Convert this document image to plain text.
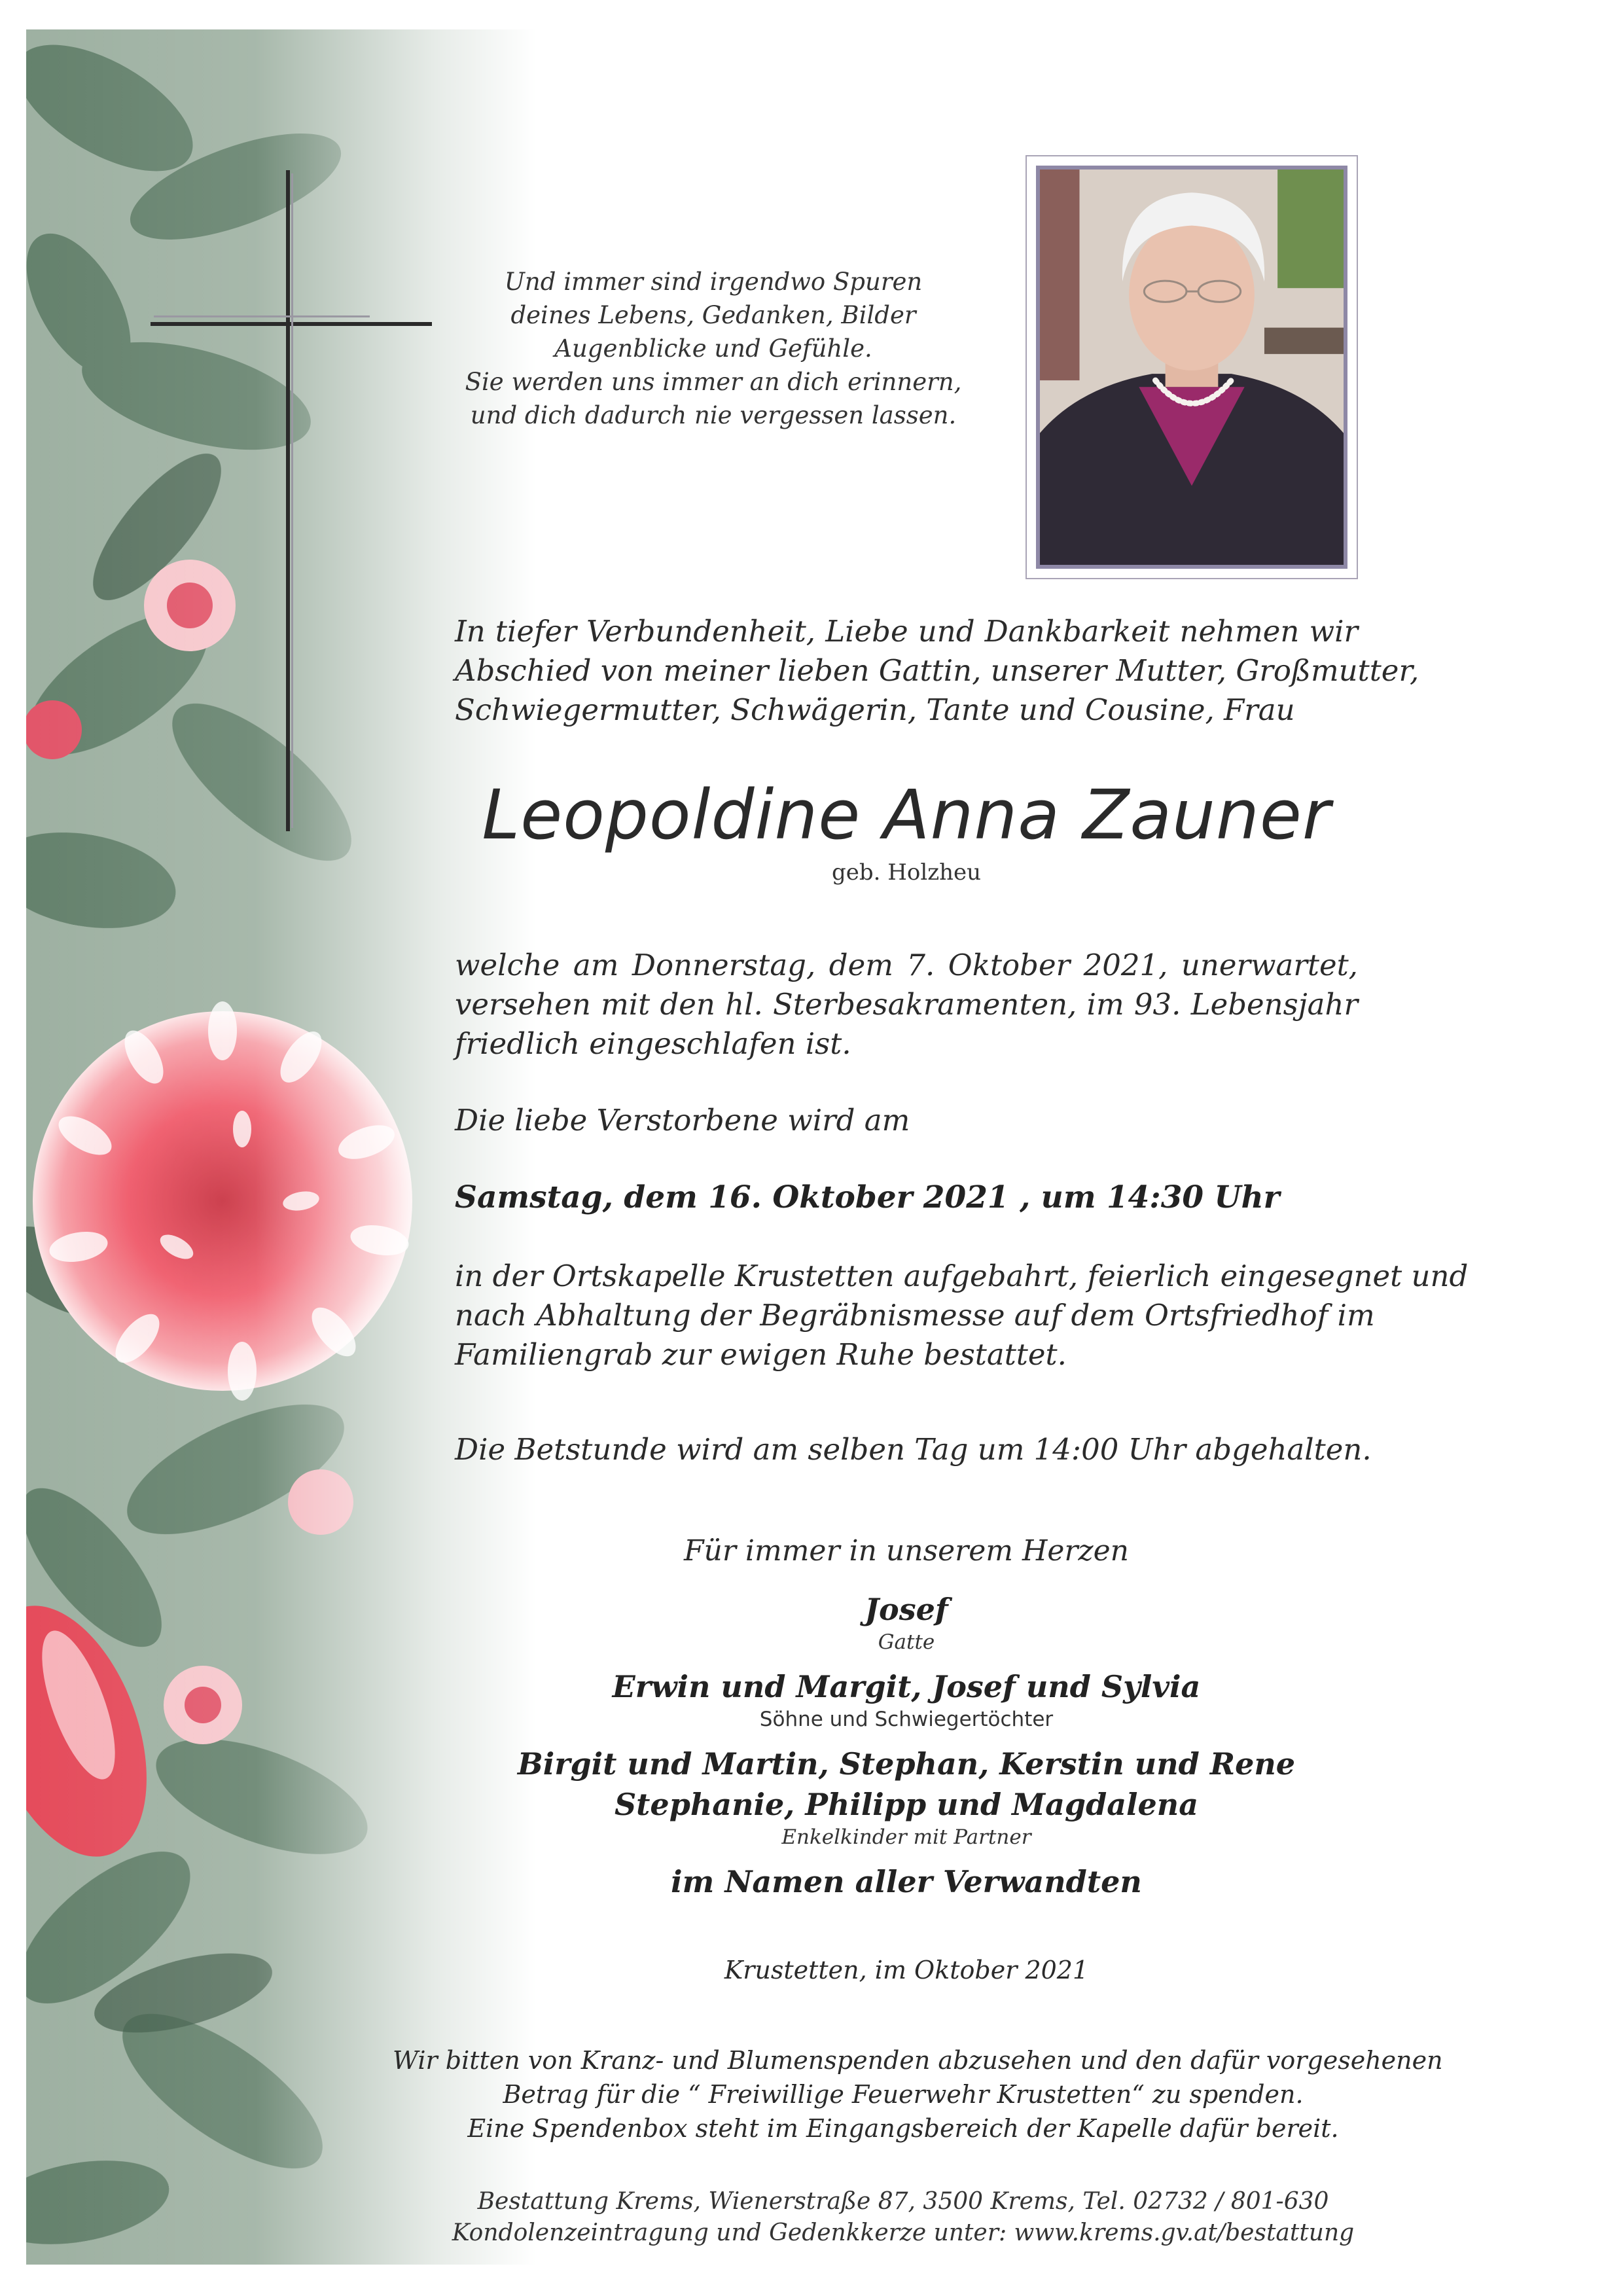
Und immer sind irgendwo Spuren
deines Lebens, Gedanken, Bilder
Augenblicke und Gefühle.
Sie werden uns immer an dich erinnern,
und dich dadurch nie vergessen lassen.
In tiefer Verbundenheit, Liebe und Dankbarkeit nehmen wir
Abschied von meiner lieben Gattin, unserer Mutter, Großmutter,
Schwiegermutter, Schwägerin, Tante und Cousine, Frau
Leopoldine Anna Zauner
geb. Holzheu
welche am Donnerstag, dem 7. Oktober 2021, unerwartet,
versehen mit den hl. Sterbesakramenten, im 93. Lebensjahr
friedlich eingeschlafen ist.
Die liebe Verstorbene wird am
Samstag, dem 16. Oktober 2021 , um 14:30 Uhr
in der Ortskapelle Krustetten aufgebahrt, feierlich eingesegnet und
nach Abhaltung der Begräbnismesse auf dem Ortsfriedhof im
Familiengrab zur ewigen Ruhe bestattet.
Die Betstunde wird am selben Tag um 14:00 Uhr abgehalten.
Für immer in unserem Herzen
Josef
Gatte
Erwin und Margit, Josef und Sylvia
Söhne und Schwiegertöchter
Birgit und Martin, Stephan, Kerstin und Rene
Stephanie, Philipp und Magdalena
Enkelkinder mit Partner
im Namen aller Verwandten
Krustetten, im Oktober 2021
Wir bitten von Kranz- und Blumenspenden abzusehen und den dafür vorgesehenen
Betrag für die “ Freiwillige Feuerwehr Krustetten“ zu spenden.
Eine Spendenbox steht im Eingangsbereich der Kapelle dafür bereit.
Bestattung Krems, Wienerstraße 87, 3500 Krems, Tel. 02732 / 801-630
Kondolenzeintragung und Gedenkkerze unter: www.krems.gv.at/bestattung
